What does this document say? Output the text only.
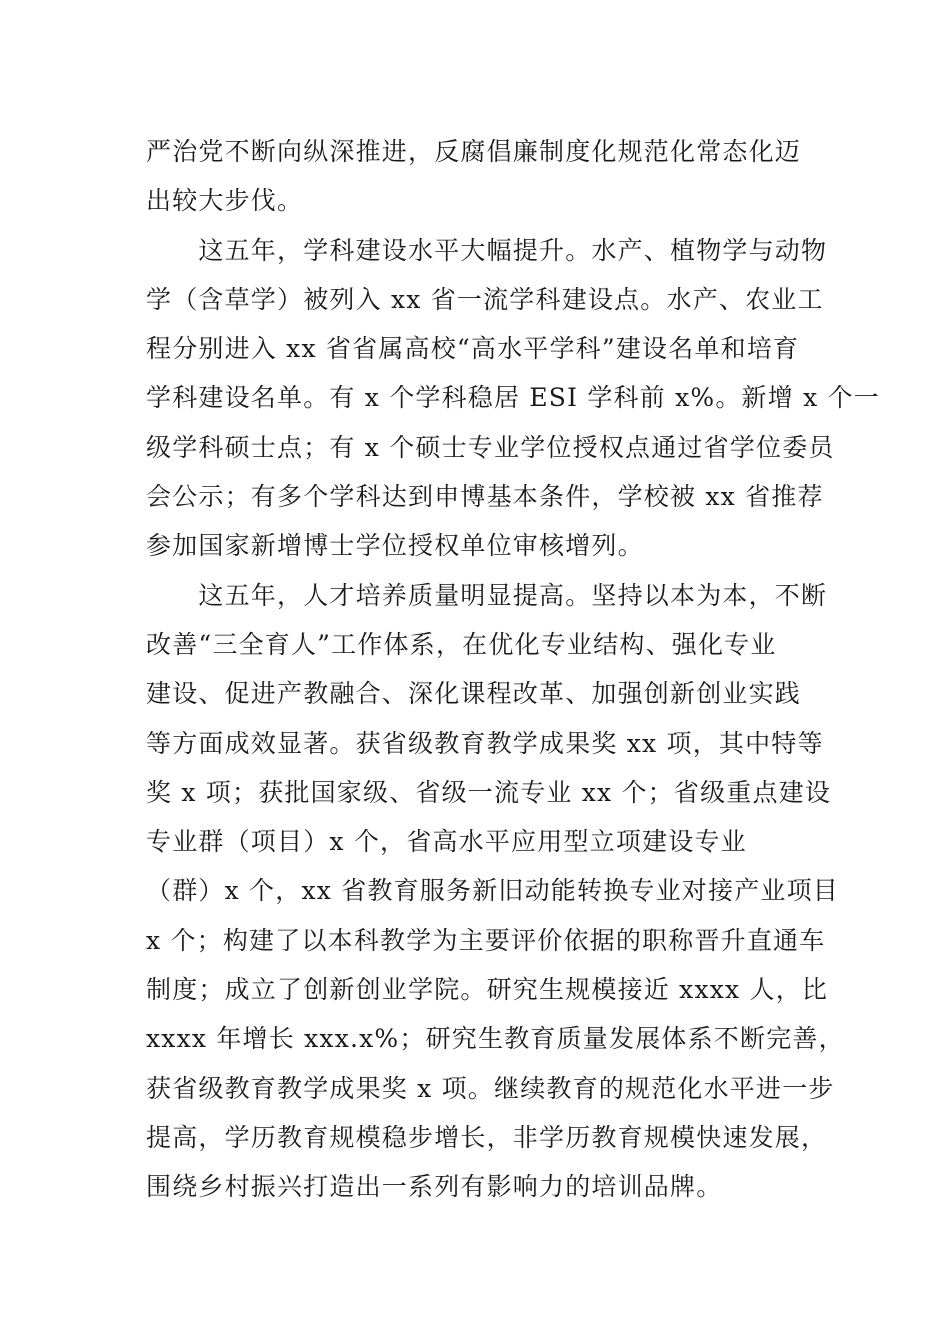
严治党不断向纵深推进，反腐倡廉制度化规范化常态化迈
出较大步伐。
　　这五年，学科建设水平大幅提升。水产、植物学与动物
学（含草学）被列入 xx 省一流学科建设点。水产、农业工
程分别进入 xx 省省属高校“高水平学科”建设名单和培育
学科建设名单。有 x 个学科稳居 ESI 学科前 x%。新增 x 个一
级学科硕士点；有 x 个硕士专业学位授权点通过省学位委员
会公示；有多个学科达到申博基本条件，学校被 xx 省推荐
参加国家新增博士学位授权单位审核增列。
　　这五年，人才培养质量明显提高。坚持以本为本，不断
改善“三全育人”工作体系，在优化专业结构、强化专业
建设、促进产教融合、深化课程改革、加强创新创业实践
等方面成效显著。获省级教育教学成果奖 xx 项，其中特等
奖 x 项；获批国家级、省级一流专业 xx 个；省级重点建设
专业群（项目）x 个，省高水平应用型立项建设专业
（群）x 个，xx 省教育服务新旧动能转换专业对接产业项目
x 个；构建了以本科教学为主要评价依据的职称晋升直通车
制度；成立了创新创业学院。研究生规模接近 xxxx 人，比
xxxx 年增长 xxx.x%；研究生教育质量发展体系不断完善，
获省级教育教学成果奖 x 项。继续教育的规范化水平进一步
提高，学历教育规模稳步增长，非学历教育规模快速发展，
围绕乡村振兴打造出一系列有影响力的培训品牌。
